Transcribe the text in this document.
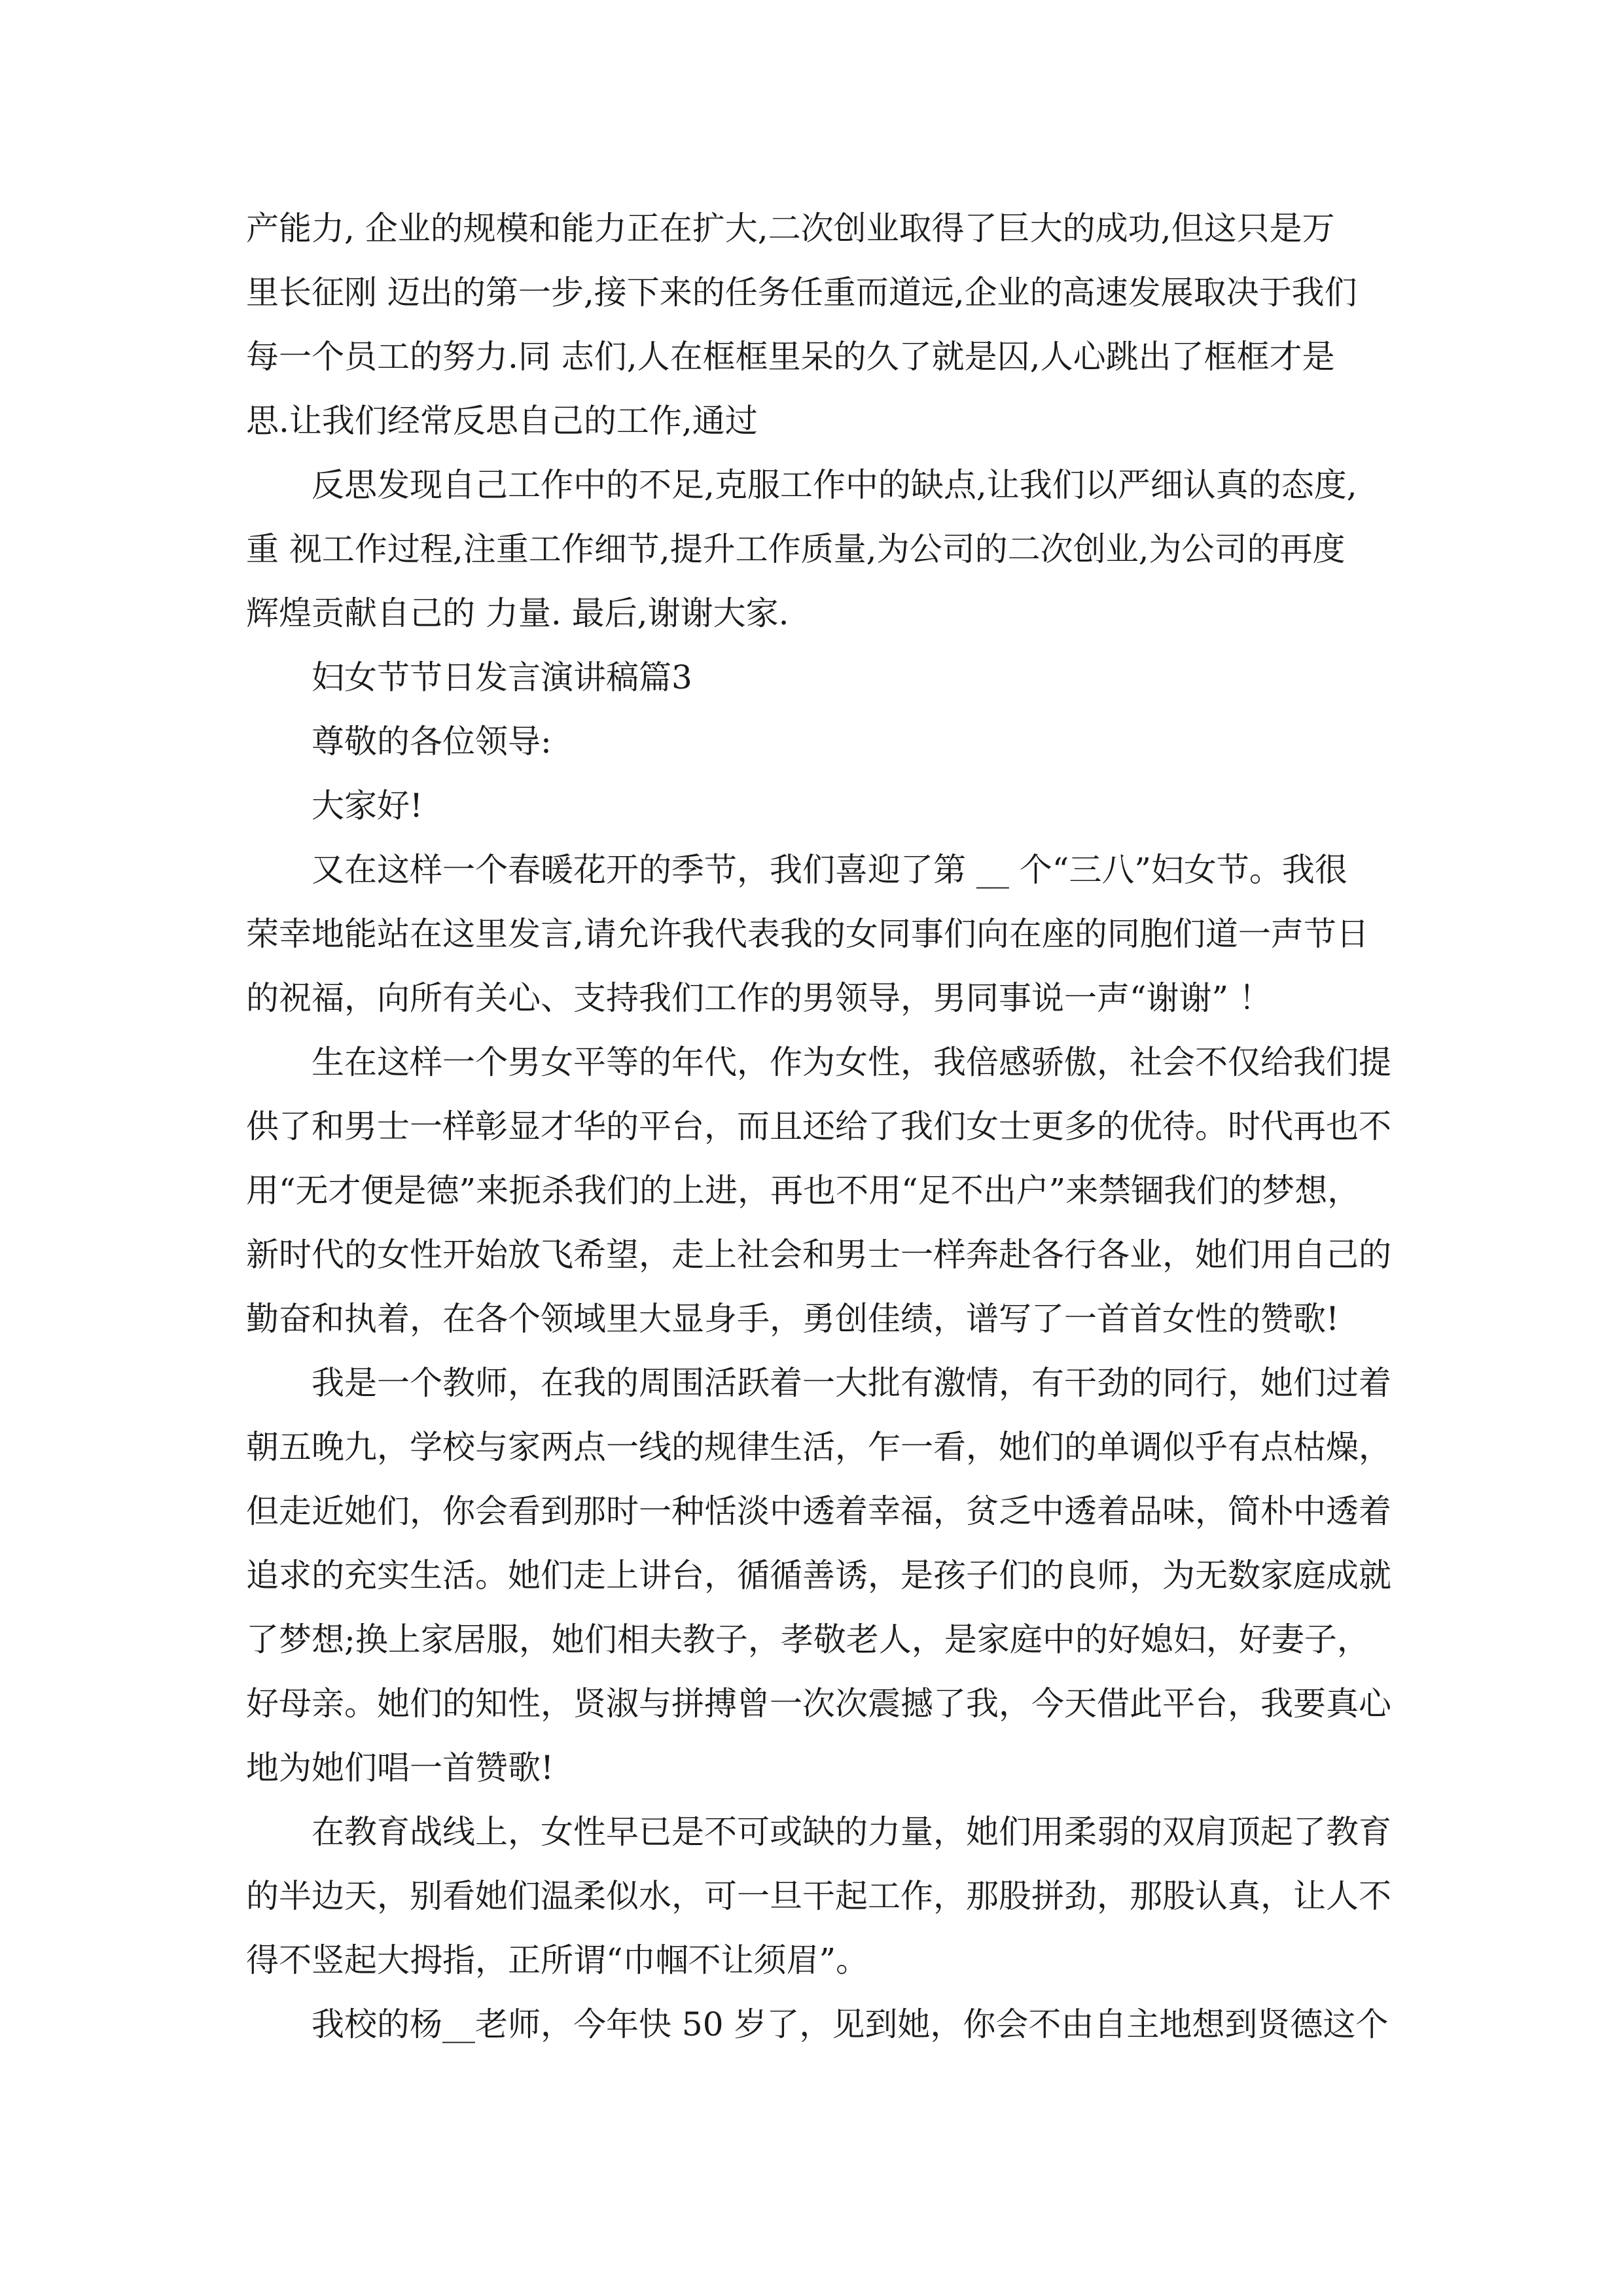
产能力, 企业的规模和能力正在扩大,二次创业取得了巨大的成功,但这只是万
里长征刚 迈出的第一步,接下来的任务任重而道远,企业的高速发展取决于我们
每一个员工的努力.同 志们,人在框框里呆的久了就是囚,人心跳出了框框才是
思.让我们经常反思自己的工作,通过

反思发现自己工作中的不足,克服工作中的缺点,让我们以严细认真的态度,
重 视工作过程,注重工作细节,提升工作质量,为公司的二次创业,为公司的再度
辉煌贡献自己的 力量. 最后,谢谢大家.

妇女节节日发言演讲稿篇3

尊敬的各位领导:

大家好!

又在这样一个春暖花开的季节，我们喜迎了第 __ 个“三八”妇女节。我很
荣幸地能站在这里发言,请允许我代表我的女同事们向在座的同胞们道一声节日
的祝福，向所有关心、支持我们工作的男领导，男同事说一声“谢谢” ！

生在这样一个男女平等的年代，作为女性，我倍感骄傲，社会不仅给我们提
供了和男士一样彰显才华的平台，而且还给了我们女士更多的优待。时代再也不
用“无才便是德”来扼杀我们的上进，再也不用“足不出户”来禁锢我们的梦想，
新时代的女性开始放飞希望，走上社会和男士一样奔赴各行各业，她们用自己的
勤奋和执着，在各个领域里大显身手，勇创佳绩，谱写了一首首女性的赞歌!

我是一个教师，在我的周围活跃着一大批有激情，有干劲的同行，她们过着
朝五晚九，学校与家两点一线的规律生活，乍一看，她们的单调似乎有点枯燥，
但走近她们，你会看到那时一种恬淡中透着幸福，贫乏中透着品味，简朴中透着
追求的充实生活。她们走上讲台，循循善诱，是孩子们的良师，为无数家庭成就
了梦想;换上家居服，她们相夫教子，孝敬老人，是家庭中的好媳妇，好妻子，
好母亲。她们的知性，贤淑与拼搏曾一次次震撼了我，今天借此平台，我要真心
地为她们唱一首赞歌!

在教育战线上，女性早已是不可或缺的力量，她们用柔弱的双肩顶起了教育
的半边天，别看她们温柔似水，可一旦干起工作，那股拼劲，那股认真，让人不
得不竖起大拇指，正所谓“巾帼不让须眉”。

我校的杨__老师，今年快 50 岁了，见到她，你会不由自主地想到贤德这个
